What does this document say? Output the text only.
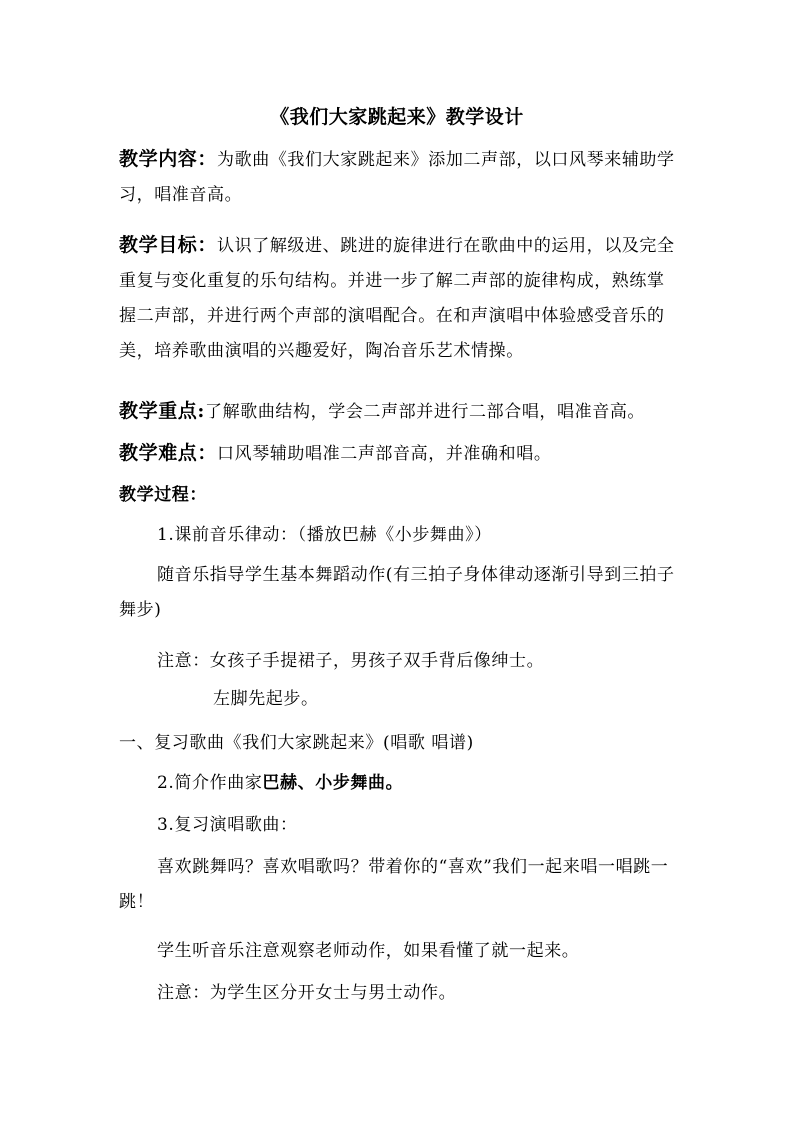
《我们大家跳起来》教学设计
教学内容：为歌曲《我们大家跳起来》添加二声部，以口风琴来辅助学习，唱准音高。
教学目标：认识了解级进、跳进的旋律进行在歌曲中的运用，以及完全重复与变化重复的乐句结构。并进一步了解二声部的旋律构成，熟练掌握二声部，并进行两个声部的演唱配合。在和声演唱中体验感受音乐的美，培养歌曲演唱的兴趣爱好，陶冶音乐艺术情操。
教学重点:了解歌曲结构，学会二声部并进行二部合唱，唱准音高。
教学难点：口风琴辅助唱准二声部音高，并准确和唱。
教学过程：
1.课前音乐律动：（播放巴赫《小步舞曲》）
随音乐指导学生基本舞蹈动作(有三拍子身体律动逐渐引导到三拍子舞步)
注意：女孩子手提裙子，男孩子双手背后像绅士。
左脚先起步。
一、复习歌曲《我们大家跳起来》(唱歌 唱谱)
2.简介作曲家巴赫、小步舞曲。
3.复习演唱歌曲：
喜欢跳舞吗？喜欢唱歌吗？带着你的“喜欢”我们一起来唱一唱跳一跳！
学生听音乐注意观察老师动作，如果看懂了就一起来。
注意：为学生区分开女士与男士动作。
